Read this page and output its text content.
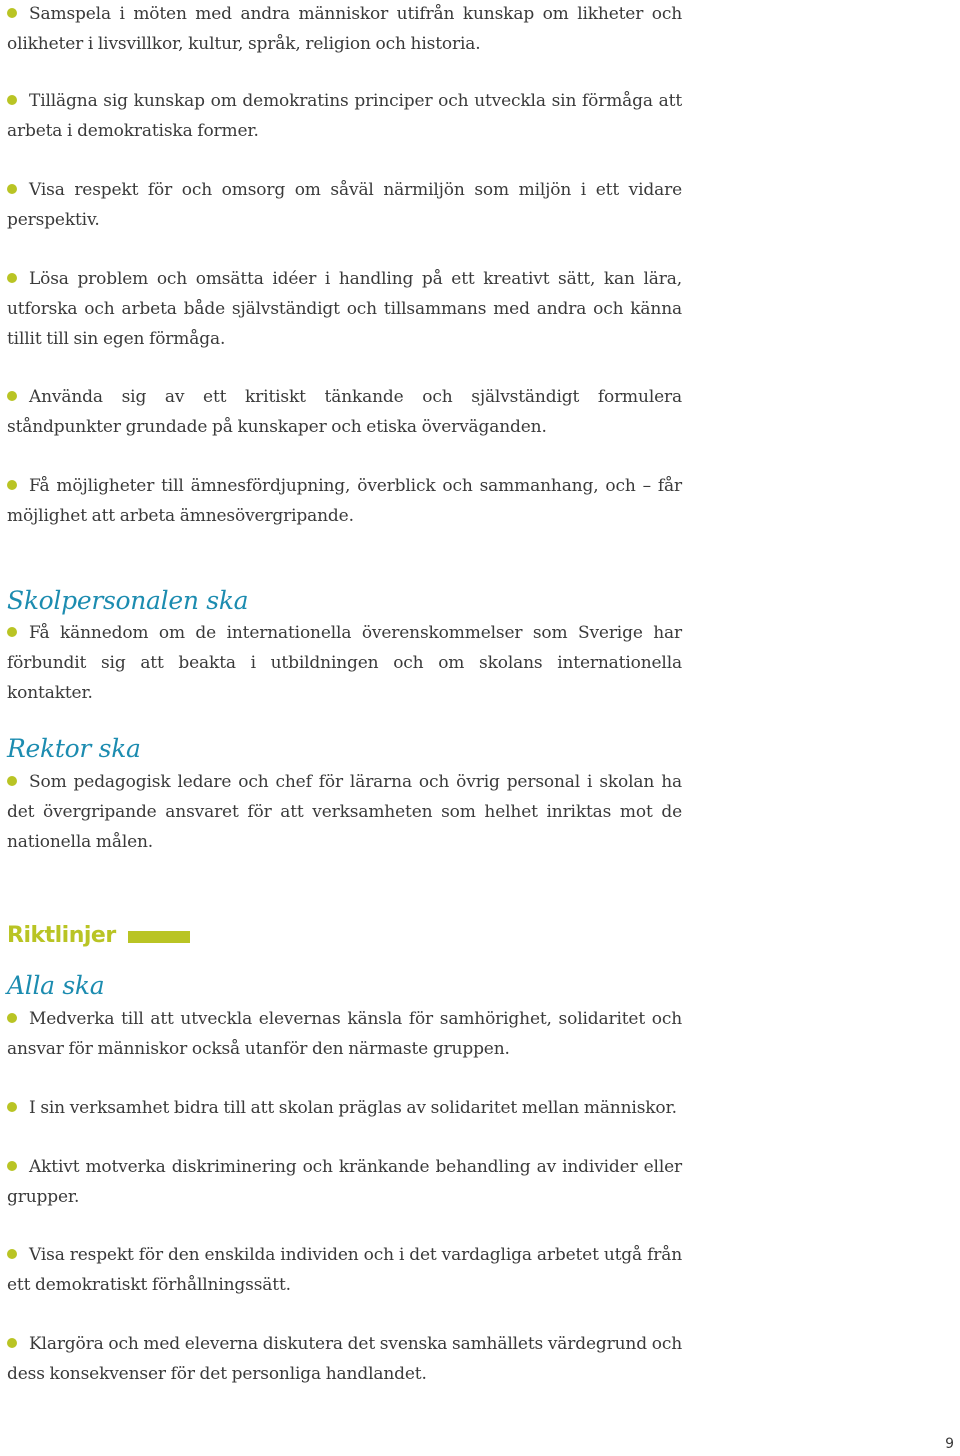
Samspela i möten med andra människor utifrån kunskap om likheter och olikheter i livsvillkor, kultur, språk, religion och historia.
Tillägna sig kunskap om demokratins principer och utveckla sin förmåga att arbeta i demokratiska former.
Visa respekt för och omsorg om såväl närmiljön som miljön i ett vidare perspektiv.
Lösa problem och omsätta idéer i handling på ett kreativt sätt, kan lära, utforska och arbeta både självständigt och tillsammans med andra och känna tillit till sin egen förmåga.
Använda sig av ett kritiskt tänkande och självständigt formulera ståndpunkter grundade på kunskaper och etiska överväganden.
Få möjligheter till ämnesfördjupning, överblick och sammanhang, och – får möjlighet att arbeta ämnesövergripande.
Skolpersonalen ska
Få kännedom om de internationella överenskommelser som Sverige har förbundit sig att beakta i utbildningen och om skolans internationella kontakter.
Rektor ska
Som pedagogisk ledare och chef för lärarna och övrig personal i skolan ha det övergripande ansvaret för att verksamheten som helhet inriktas mot de nationella målen.
Riktlinjer
Alla ska
Medverka till att utveckla elevernas känsla för samhörighet, solidaritet och ansvar för människor också utanför den närmaste gruppen.
I sin verksamhet bidra till att skolan präglas av solidaritet mellan människor.
Aktivt motverka diskriminering och kränkande behandling av individer eller grupper.
Visa respekt för den enskilda individen och i det vardagliga arbetet utgå från ett demokratiskt förhållningssätt.
Klargöra och med eleverna diskutera det svenska samhällets värdegrund och dess konsekvenser för det personliga handlandet.
9
